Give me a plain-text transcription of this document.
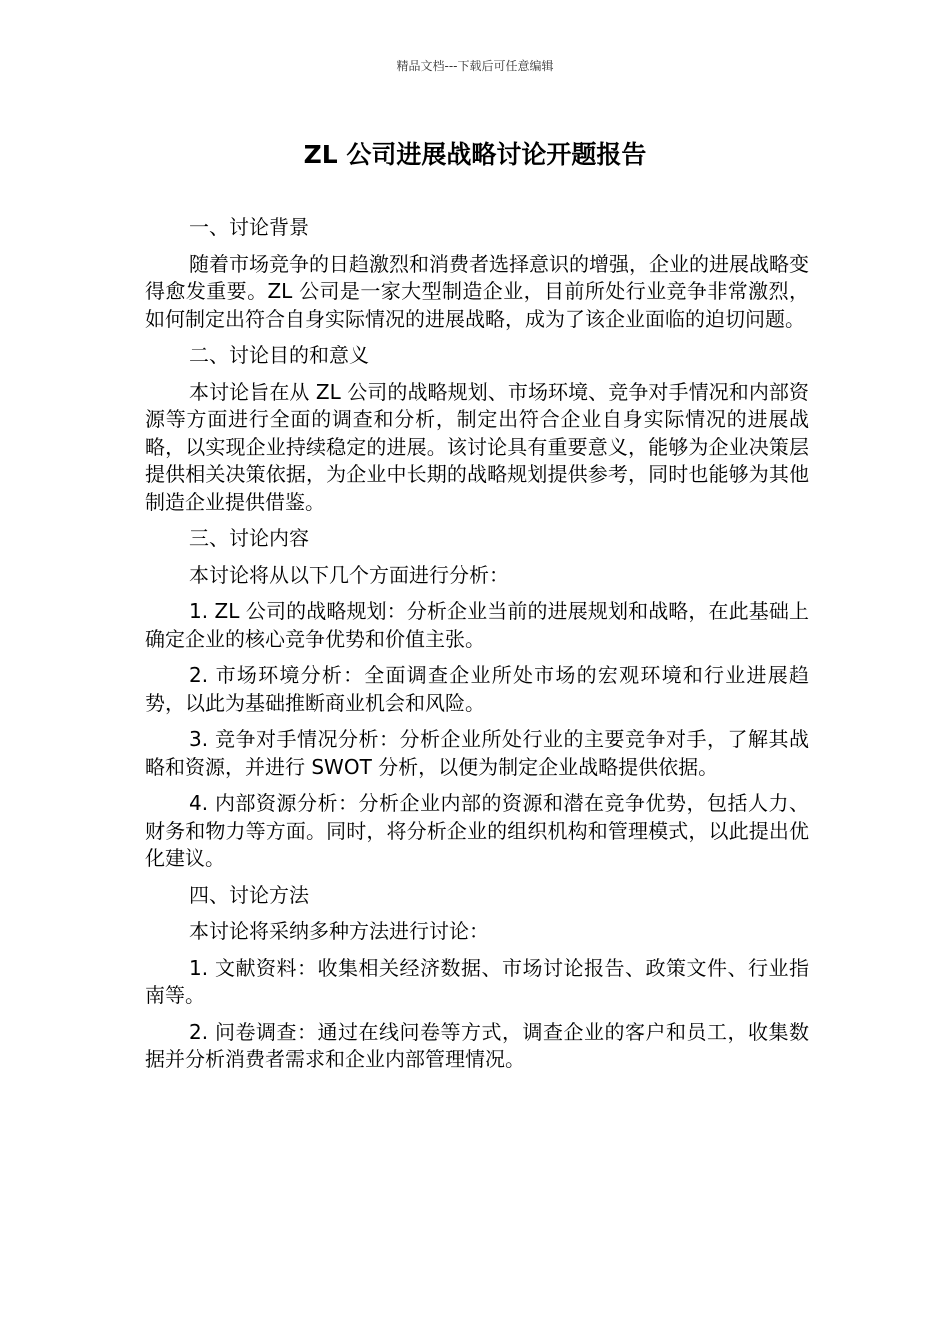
精品文档---下载后可任意编辑
ZL 公司进展战略讨论开题报告

一、讨论背景

随着市场竞争的日趋激烈和消费者选择意识的增强，企业的进展战略变得愈发重要。ZL 公司是一家大型制造企业，目前所处行业竞争非常激烈，如何制定出符合自身实际情况的进展战略，成为了该企业面临的迫切问题。

二、讨论目的和意义

本讨论旨在从 ZL 公司的战略规划、市场环境、竞争对手情况和内部资源等方面进行全面的调查和分析，制定出符合企业自身实际情况的进展战略，以实现企业持续稳定的进展。该讨论具有重要意义，能够为企业决策层提供相关决策依据，为企业中长期的战略规划提供参考，同时也能够为其他制造企业提供借鉴。

三、讨论内容

本讨论将从以下几个方面进行分析：

1. ZL 公司的战略规划：分析企业当前的进展规划和战略，在此基础上确定企业的核心竞争优势和价值主张。

2. 市场环境分析：全面调查企业所处市场的宏观环境和行业进展趋势，以此为基础推断商业机会和风险。

3. 竞争对手情况分析：分析企业所处行业的主要竞争对手，了解其战略和资源，并进行 SWOT 分析，以便为制定企业战略提供依据。

4. 内部资源分析：分析企业内部的资源和潜在竞争优势，包括人力、财务和物力等方面。同时，将分析企业的组织机构和管理模式，以此提出优化建议。

四、讨论方法

本讨论将采纳多种方法进行讨论：

1. 文献资料：收集相关经济数据、市场讨论报告、政策文件、行业指南等。

2. 问卷调查：通过在线问卷等方式，调查企业的客户和员工，收集数据并分析消费者需求和企业内部管理情况。
